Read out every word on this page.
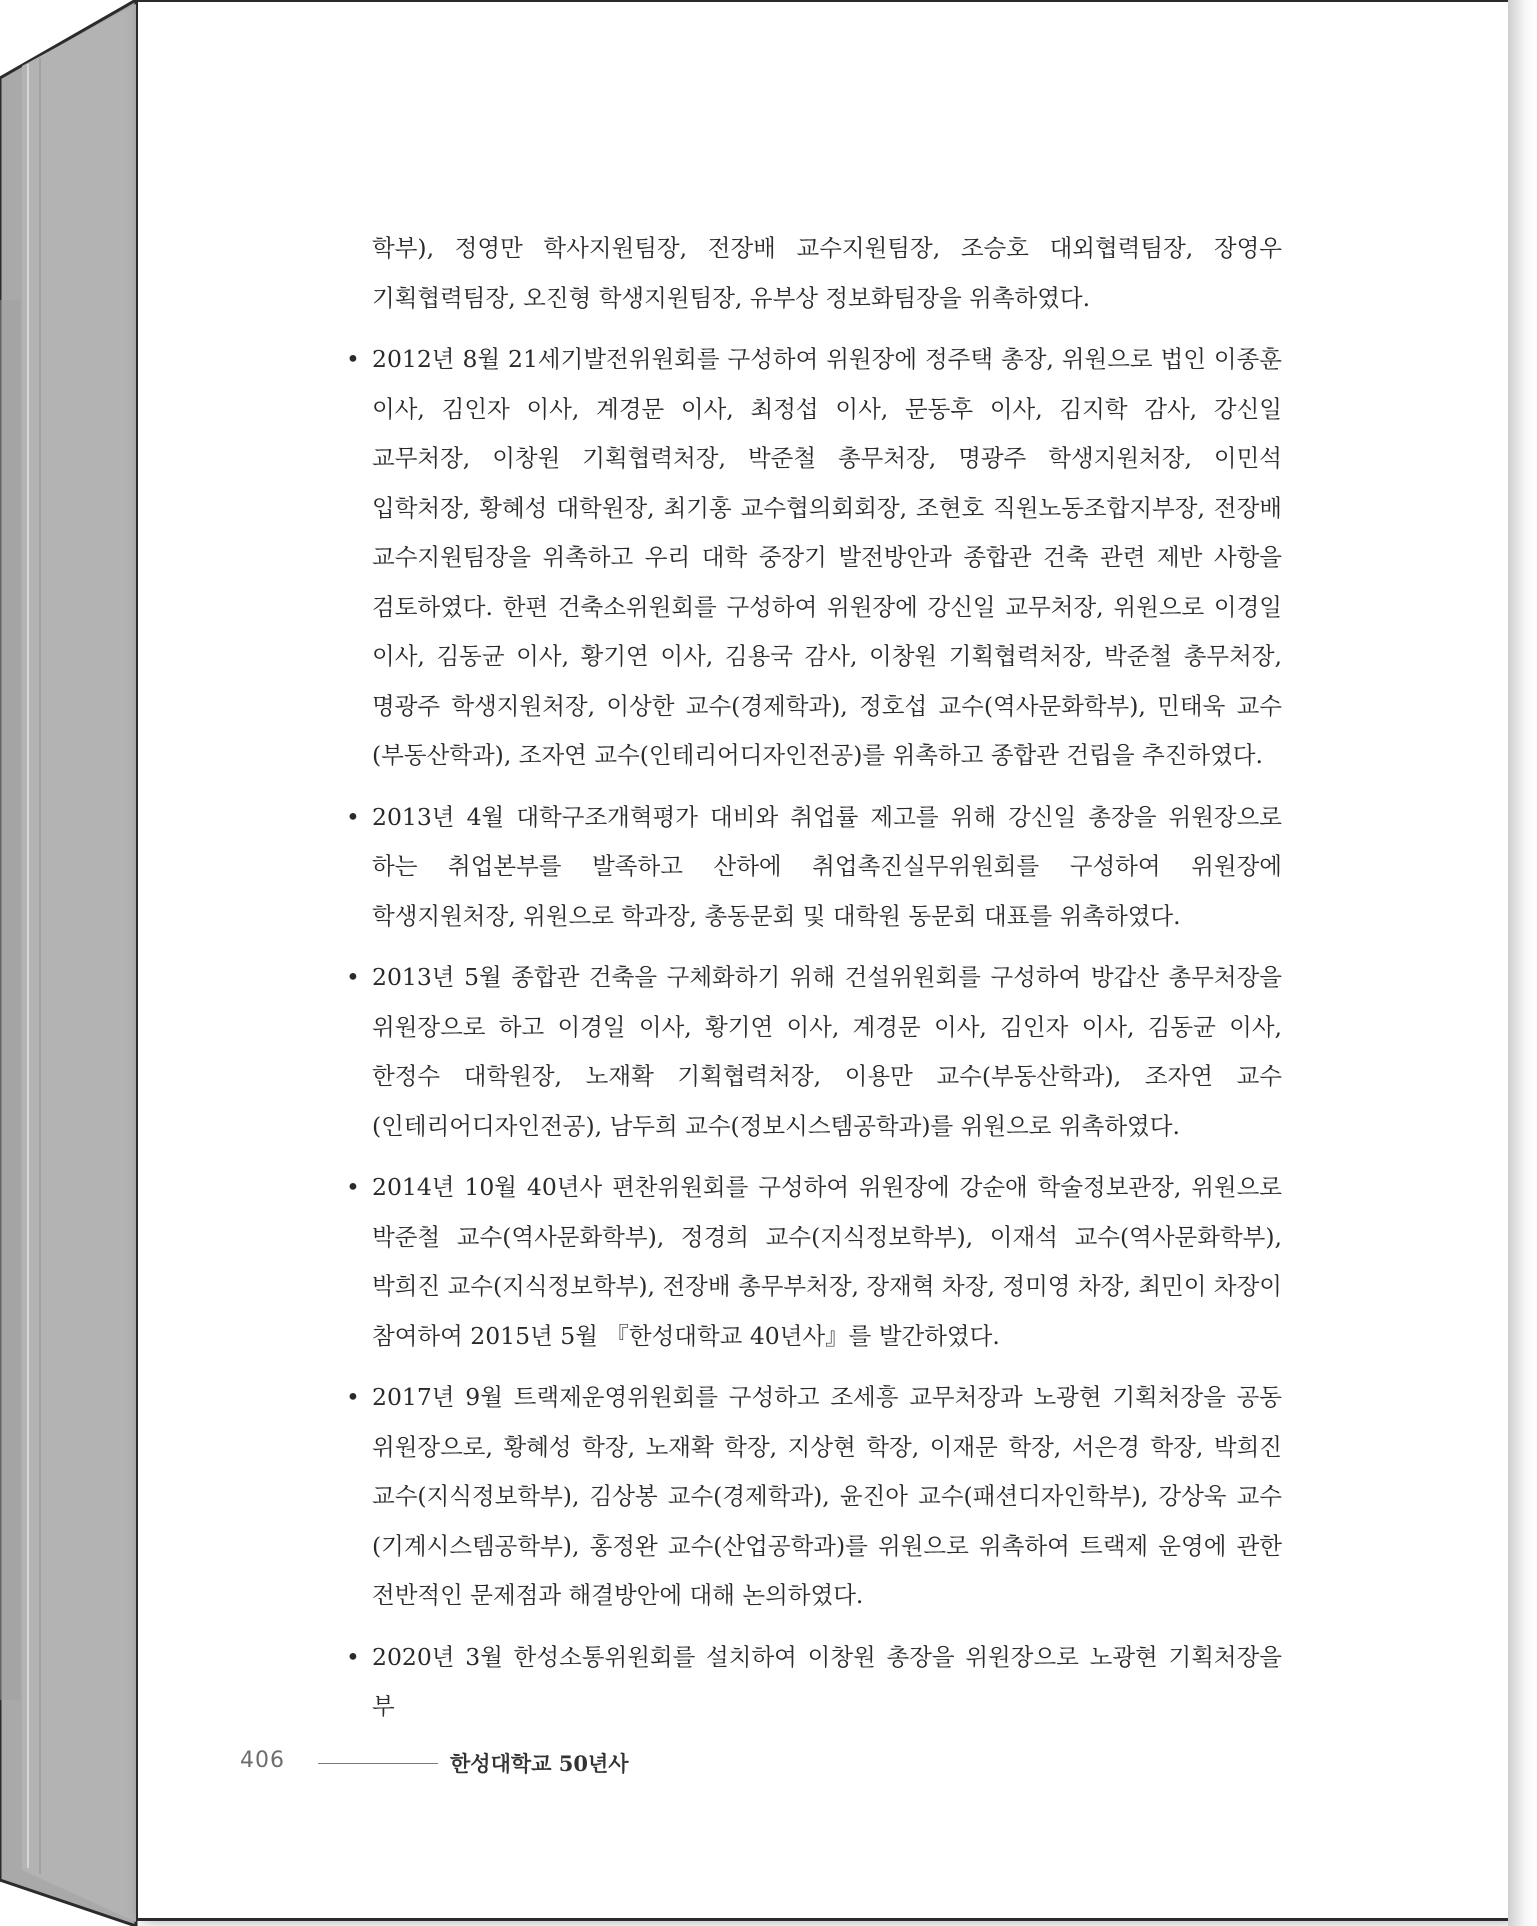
학부), 정영만 학사지원팀장, 전장배 교수지원팀장, 조승호 대외협력팀장, 장영우 기획협력팀장, 오진형 학생지원팀장, 유부상 정보화팀장을 위촉하였다.

• 2012년 8월 21세기발전위원회를 구성하여 위원장에 정주택 총장, 위원으로 법인 이종훈 이사, 김인자 이사, 계경문 이사, 최정섭 이사, 문동후 이사, 김지학 감사, 강신일 교무처장, 이창원 기획협력처장, 박준철 총무처장, 명광주 학생지원처장, 이민석 입학처장, 황혜성 대학원장, 최기홍 교수협의회회장, 조현호 직원노동조합지부장, 전장배 교수지원팀장을 위촉하고 우리 대학 중장기 발전방안과 종합관 건축 관련 제반 사항을 검토하였다. 한편 건축소위원회를 구성하여 위원장에 강신일 교무처장, 위원으로 이경일 이사, 김동균 이사, 황기연 이사, 김용국 감사, 이창원 기획협력처장, 박준철 총무처장, 명광주 학생지원처장, 이상한 교수(경제학과), 정호섭 교수(역사문화학부), 민태욱 교수(부동산학과), 조자연 교수(인테리어디자인전공)를 위촉하고 종합관 건립을 추진하였다.

• 2013년 4월 대학구조개혁평가 대비와 취업률 제고를 위해 강신일 총장을 위원장으로 하는 취업본부를 발족하고 산하에 취업촉진실무위원회를 구성하여 위원장에 학생지원처장, 위원으로 학과장, 총동문회 및 대학원 동문회 대표를 위촉하였다.

• 2013년 5월 종합관 건축을 구체화하기 위해 건설위원회를 구성하여 방갑산 총무처장을 위원장으로 하고 이경일 이사, 황기연 이사, 계경문 이사, 김인자 이사, 김동균 이사, 한정수 대학원장, 노재확 기획협력처장, 이용만 교수(부동산학과), 조자연 교수(인테리어디자인전공), 남두희 교수(정보시스템공학과)를 위원으로 위촉하였다.

• 2014년 10월 40년사 편찬위원회를 구성하여 위원장에 강순애 학술정보관장, 위원으로 박준철 교수(역사문화학부), 정경희 교수(지식정보학부), 이재석 교수(역사문화학부), 박희진 교수(지식정보학부), 전장배 총무부처장, 장재혁 차장, 정미영 차장, 최민이 차장이 참여하여 2015년 5월 『한성대학교 40년사』를 발간하였다.

• 2017년 9월 트랙제운영위원회를 구성하고 조세흥 교무처장과 노광현 기획처장을 공동 위원장으로, 황혜성 학장, 노재확 학장, 지상현 학장, 이재문 학장, 서은경 학장, 박희진 교수(지식정보학부), 김상봉 교수(경제학과), 윤진아 교수(패션디자인학부), 강상욱 교수(기계시스템공학부), 홍정완 교수(산업공학과)를 위원으로 위촉하여 트랙제 운영에 관한 전반적인 문제점과 해결방안에 대해 논의하였다.

• 2020년 3월 한성소통위원회를 설치하여 이창원 총장을 위원장으로 노광현 기획처장을 부

406	한성대학교 50년사
